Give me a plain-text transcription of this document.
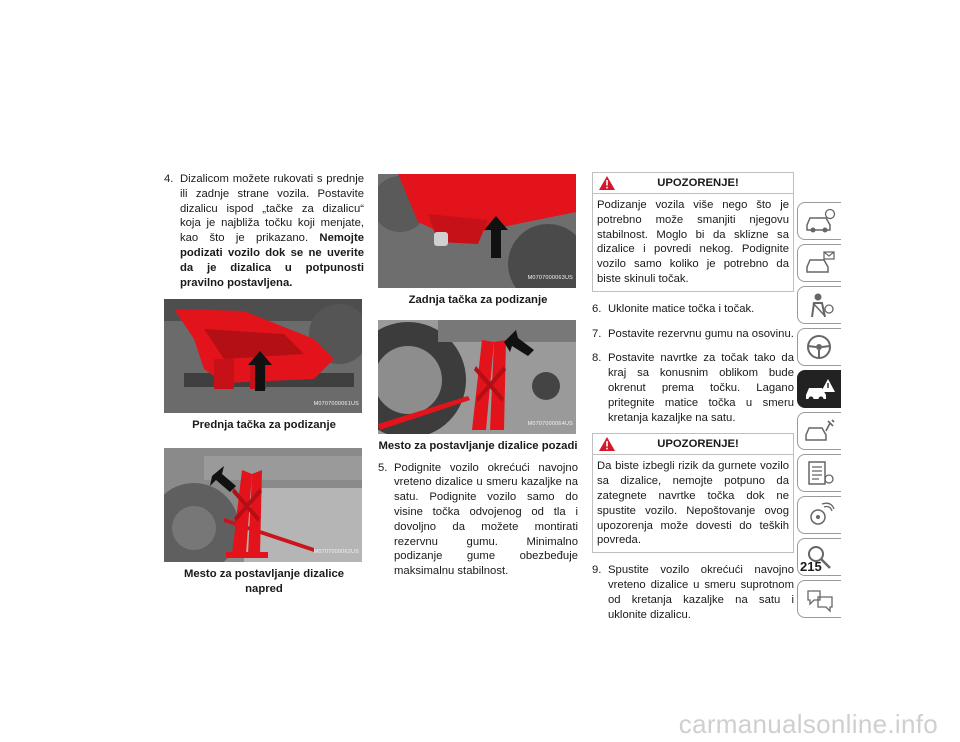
4. Dizalicom možete rukovati s prednje ili zadnje strane vozila. Postavite dizalicu ispod „tačke za dizalicu“ koja je najbliža točku koji menjate, kao što je prikazano. Nemojte podizati vozilo dok se ne uverite da je dizalica u potpunosti pravilno postavljena.
M0707000061US
Prednja tačka za podizanje
M0707000062US
Mesto za postavljanje dizalice napred
M0707000063US
Zadnja tačka za podizanje
M0707000064US
Mesto za postavljanje dizalice pozadi
5. Podignite vozilo okrećući navojno vreteno dizalice u smeru kazaljke na satu. Podignite vozilo samo do visine točka odvojenog od tla i dovoljno da možete montirati rezervnu gumu. Minimalno podizanje gume obezbeđuje maksimalnu stabilnost.
UPOZORENJE!
Podizanje vozila više nego što je potrebno može smanjiti njegovu stabilnost. Moglo bi da sklizne sa dizalice i povredi nekog. Podignite vozilo samo koliko je potrebno da biste skinuli točak.
6. Uklonite matice točka i točak.
7. Postavite rezervnu gumu na osovinu.
8. Postavite navrtke za točak tako da kraj sa konusnim oblikom bude okrenut prema točku. Lagano pritegnite matice točka u smeru kretanja kazaljke na satu.
UPOZORENJE!
Da biste izbegli rizik da gurnete vozilo sa dizalice, nemojte potpuno da zategnete navrtke točka dok ne spustite vozilo. Nepoštovanje ovog upozorenja može dovesti do teških povreda.
9. Spustite vozilo okrećući navojno vreteno dizalice u smeru suprotnom od kretanja kazaljke na satu i uklonite dizalicu.
215
carmanualsonline.info
